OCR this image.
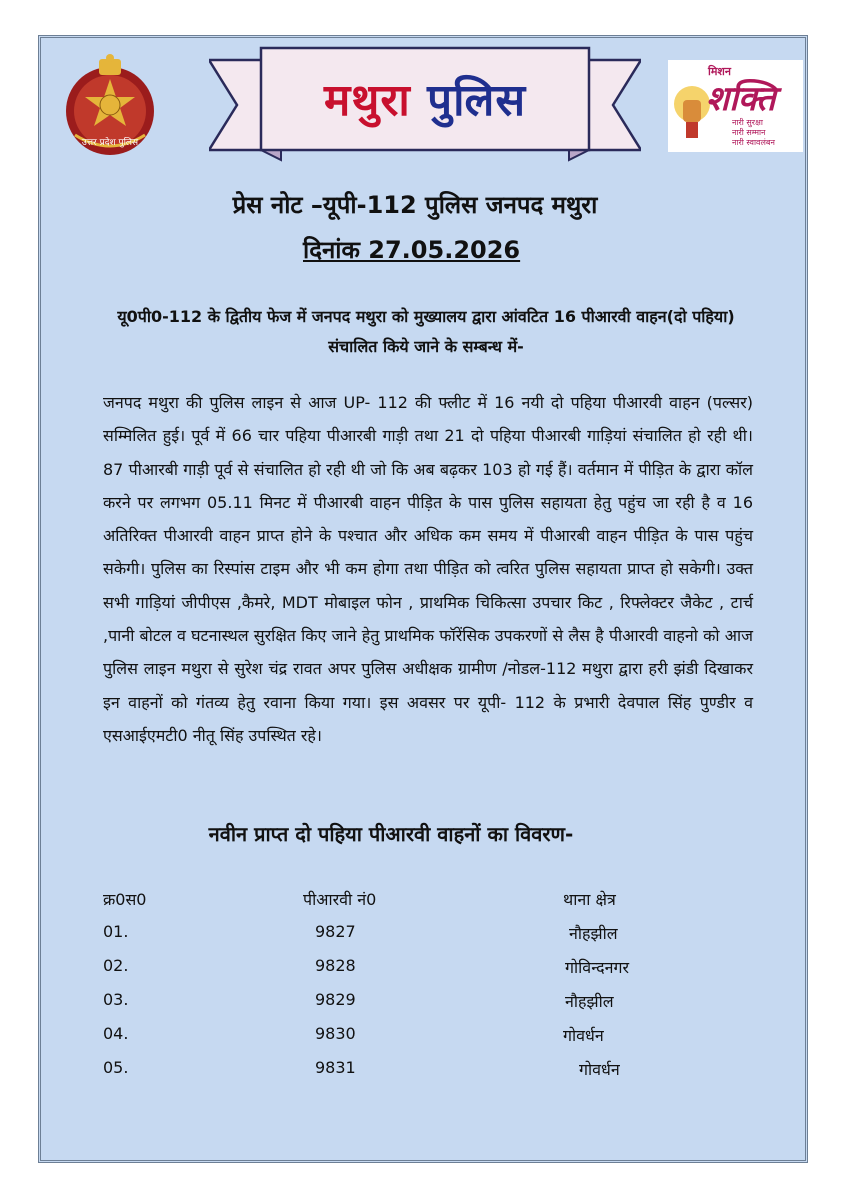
उत्तर प्रदेश पुलिस
मथुरा पुलिस
मिशन
शक्ति
नारी सुरक्षा
नारी सम्मान
नारी स्वावलंबन
प्रेस नोट –यूपी-112 पुलिस जनपद मथुरा
दिनांक 27.05.2026
यू0पी0-112 के द्वितीय फेज में जनपद मथुरा को मुख्यालय द्वारा आंवटित 16 पीआरवी वाहन(दो पहिया) संचालित किये जाने के सम्बन्ध में-
जनपद मथुरा की पुलिस लाइन से आज UP- 112 की फ्लीट में 16 नयी दो पहिया पीआरवी वाहन (पल्सर) सम्मिलित हुई। पूर्व में 66 चार पहिया पीआरबी गाड़ी तथा 21 दो पहिया पीआरबी गाड़ियां संचालित हो रही थी। 87 पीआरबी गाड़ी पूर्व से संचालित हो रही थी जो कि अब बढ़कर 103 हो गई हैं। वर्तमान में पीड़ित के द्वारा कॉल करने पर लगभग 05.11 मिनट में पीआरबी वाहन पीड़ित के पास पुलिस सहायता हेतु पहुंच जा रही है व 16 अतिरिक्त पीआरवी वाहन प्राप्त होने के पश्चात और अधिक कम समय में पीआरबी वाहन पीड़ित के पास पहुंच सकेगी। पुलिस का रिस्पांस टाइम और भी कम होगा तथा पीड़ित को त्वरित पुलिस सहायता प्राप्त हो सकेगी। उक्त सभी गाड़ियां जीपीएस ,कैमरे, MDT मोबाइल फोन , प्राथमिक चिकित्सा उपचार किट , रिफ्लेक्टर जैकेट , टार्च ,पानी बोटल व घटनास्थल सुरक्षित किए जाने हेतु प्राथमिक फॉरेंसिक उपकरणों से लैस है पीआरवी वाहनो को आज पुलिस लाइन मथुरा से सुरेश चंद्र रावत अपर पुलिस अधीक्षक ग्रामीण /नोडल-112 मथुरा द्वारा हरी झंडी दिखाकर इन वाहनों को गंतव्य हेतु रवाना किया गया। इस अवसर पर यूपी- 112 के प्रभारी देवपाल सिंह पुण्डीर व एसआईएमटी0 नीतू सिंह उपस्थित रहे।
नवीन प्राप्त दो पहिया पीआरवी वाहनों का विवरण-
क्र0स0	पीआरवी नं0	थाना क्षेत्र
01.	9827	नौहझील
02.	9828	गोविन्दनगर
03.	9829	नौहझील
04.	9830	गोवर्धन
05.	9831	गोवर्धन
